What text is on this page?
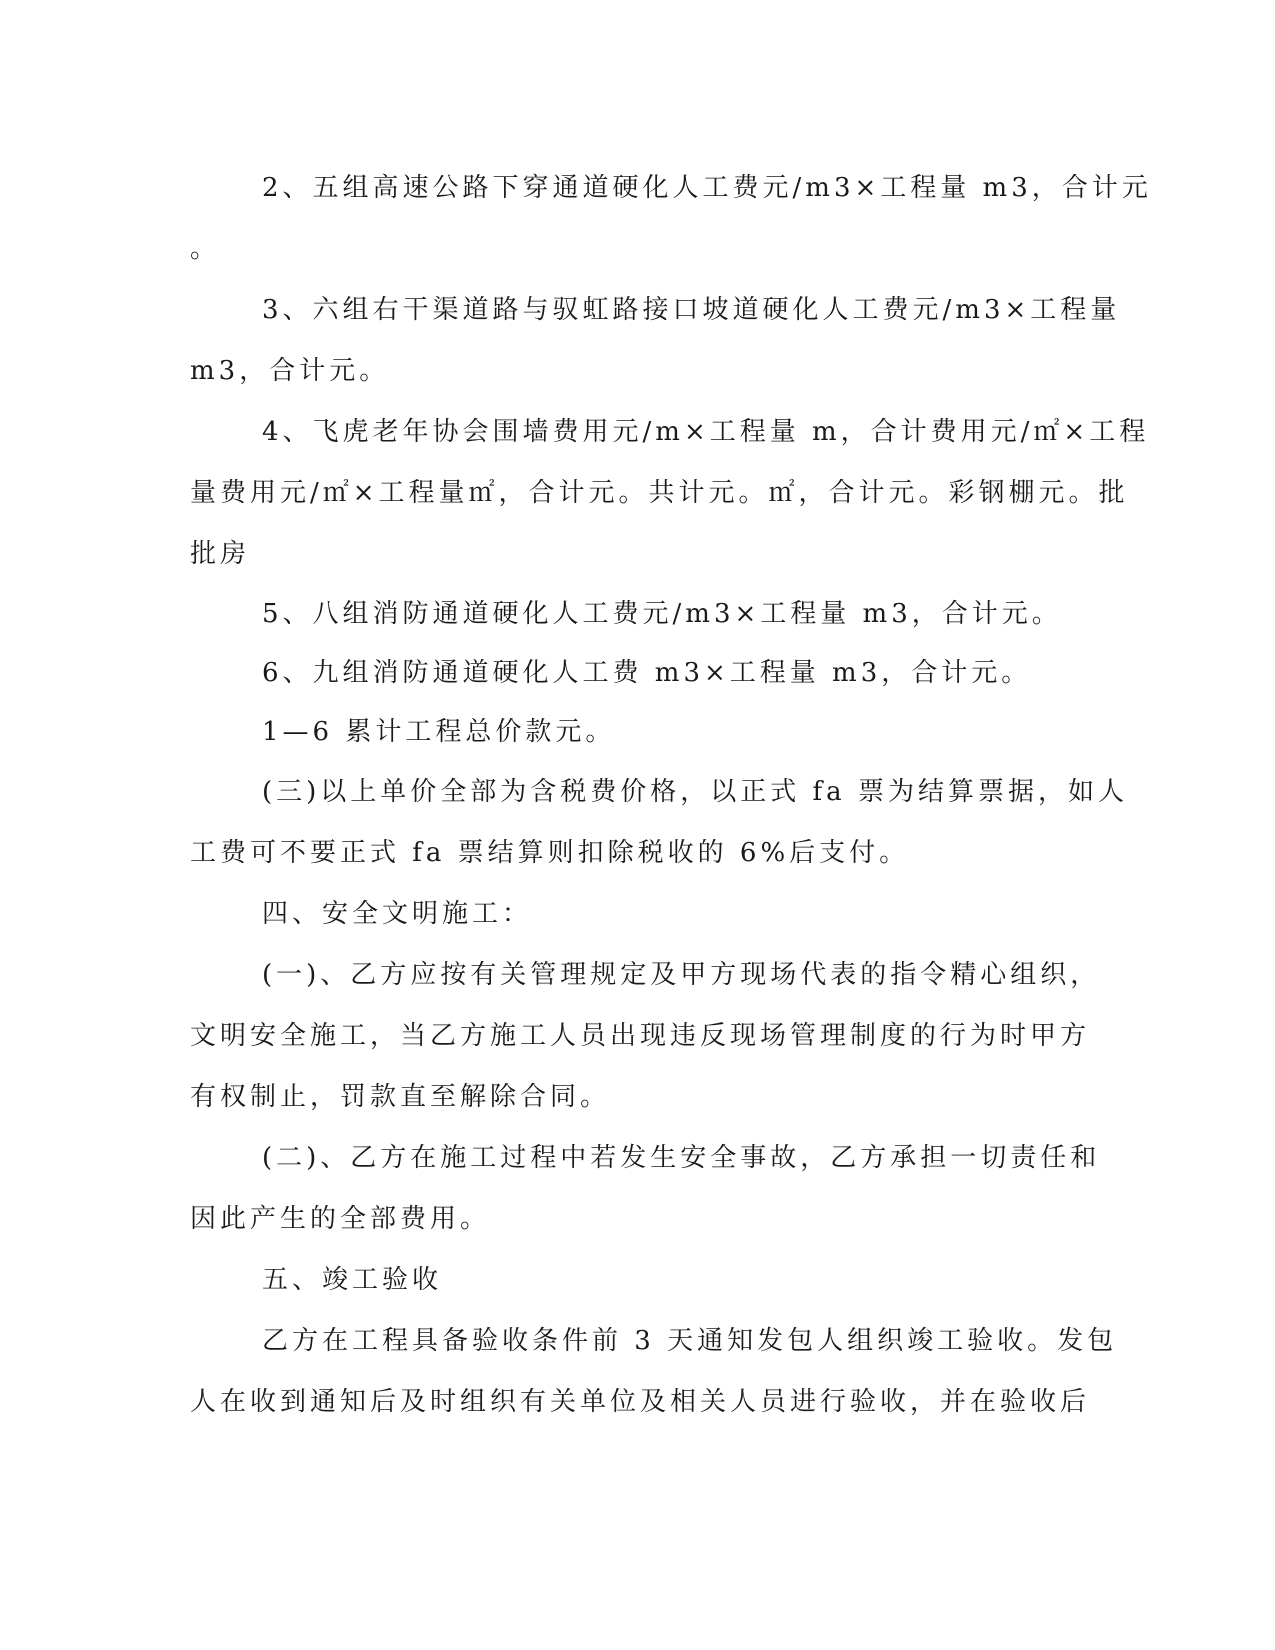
2、五组高速公路下穿通道硬化人工费元/m3×工程量 m3，合计元
。
3、六组右干渠道路与驭虹路接口坡道硬化人工费元/m3×工程量
m3，合计元。
4、飞虎老年协会围墙费用元/m×工程量 m，合计费用元/㎡×工程
量费用元/㎡×工程量㎡，合计元。共计元。㎡，合计元。彩钢棚元。批
批房
5、八组消防通道硬化人工费元/m3×工程量 m3，合计元。
6、九组消防通道硬化人工费 m3×工程量 m3，合计元。
1—6 累计工程总价款元。
(三)以上单价全部为含税费价格，以正式 fa 票为结算票据，如人
工费可不要正式 fa 票结算则扣除税收的 6%后支付。
四、安全文明施工：
(一)、乙方应按有关管理规定及甲方现场代表的指令精心组织，
文明安全施工，当乙方施工人员出现违反现场管理制度的行为时甲方
有权制止，罚款直至解除合同。
(二)、乙方在施工过程中若发生安全事故，乙方承担一切责任和
因此产生的全部费用。
五、竣工验收
乙方在工程具备验收条件前 3 天通知发包人组织竣工验收。发包
人在收到通知后及时组织有关单位及相关人员进行验收，并在验收后
